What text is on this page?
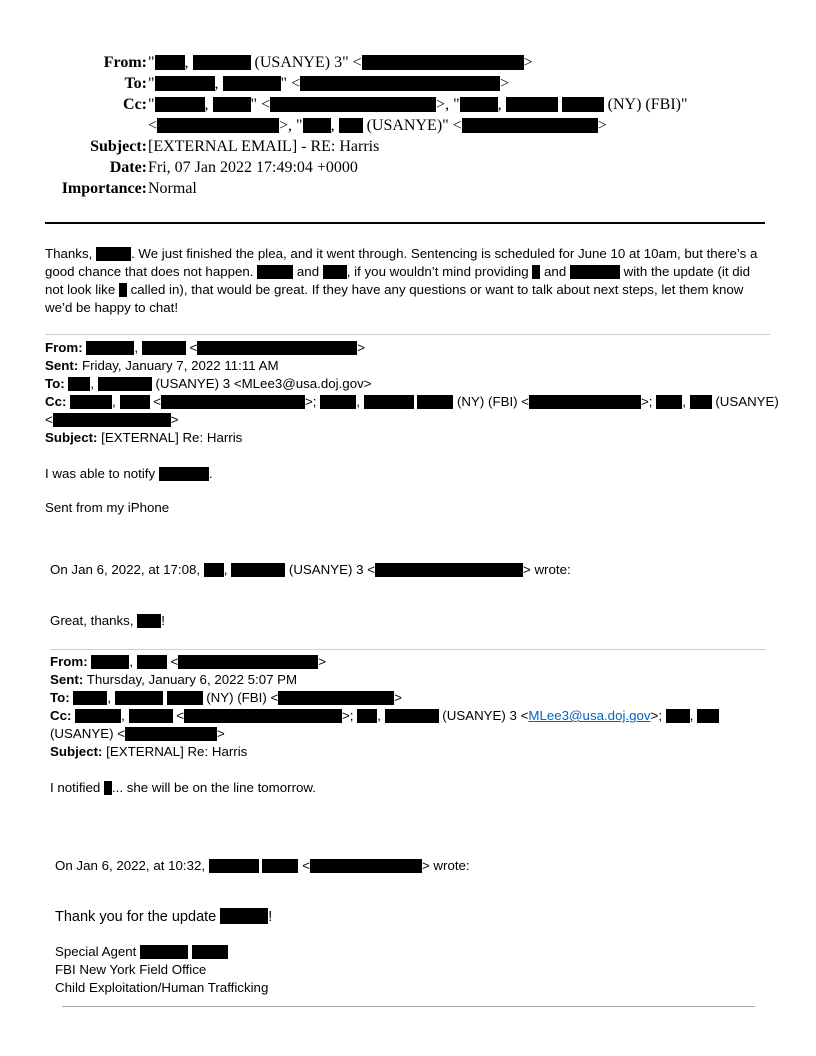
From: " ,	(USANYE) 3" <	>
To: "	,	" <	>
Cc: "	,	" <	>, " ,	(NY) (FBI)"
<	>, " ,  (USANYE)" <	>
Subject: [EXTERNAL EMAIL] - RE: Harris
Date: Fri, 07 Jan 2022 17:49:04 +0000
Importance: Normal
Thanks,	. We just finished the plea, and it went through. Sentencing is scheduled for June 10 at 10am, but there’s a good chance that does not happen.	and , if you wouldn’t mind providing and	with the update (it did not look like called in), that would be great. If they have any questions or want to talk about next steps, let them know we’d be happy to chat!
From:	,	<	>
Sent: Friday, January 7, 2022 11:11 AM
To: ,	(USANYE) 3 <MLee3@usa.doj.gov>
Cc:	,	<	>;	,	(NY) (FBI) <	>; , (USANYE)
<	>
Subject: [EXTERNAL] Re: Harris
I was able to notify	.
Sent from my iPhone
On Jan 6, 2022, at 17:08, ,	(USANYE) 3 <	> wrote:
Great, thanks, !
From:	,	<	>
Sent: Thursday, January 6, 2022 5:07 PM
To:	,	(NY) (FBI) <	>
Cc:	,	<	>; ,	(USANYE) 3 <MLee3@usa.doj.gov>; ,
(USANYE) <	>
Subject: [EXTERNAL] Re: Harris
I notified ... she will be on the line tomorrow.
On Jan 6, 2022, at 10:32,	<	> wrote:
Thank you for the update	!
Special Agent
FBI New York Field Office
Child Exploitation/Human Trafficking
